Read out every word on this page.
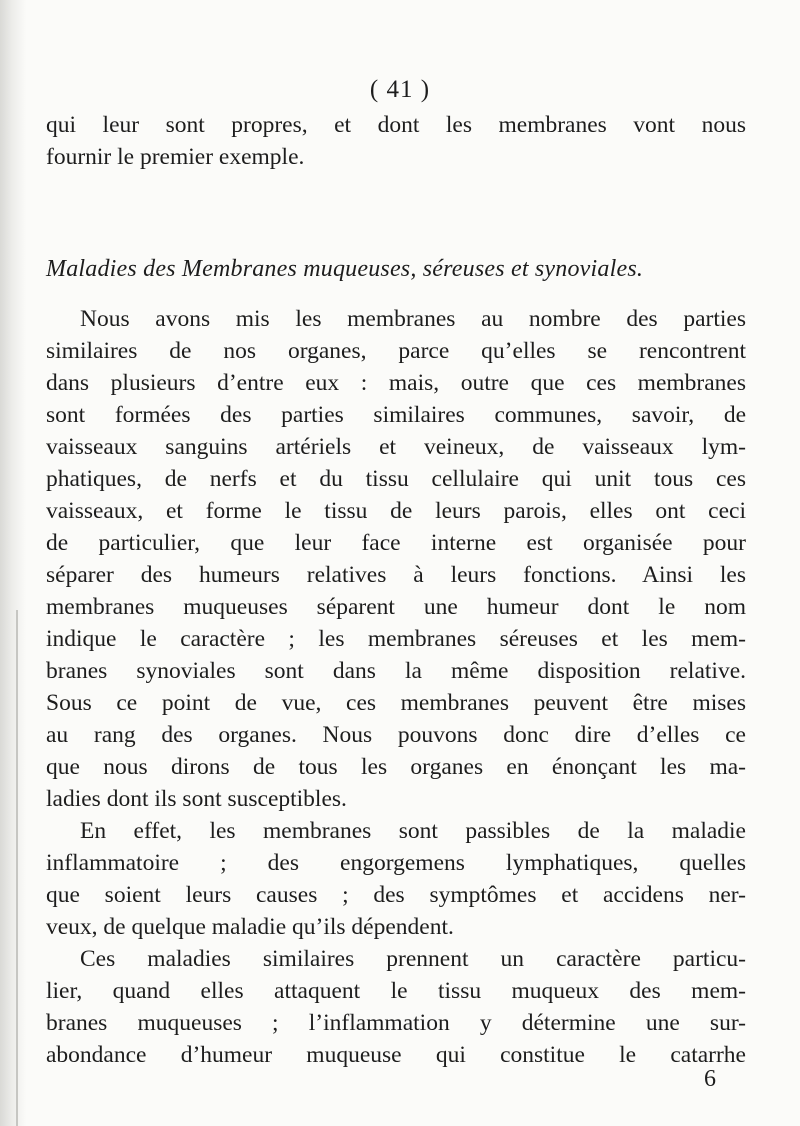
( 41 )
qui leur sont propres, et dont les membranes vont nous
fournir le premier exemple.
Maladies des Membranes muqueuses, séreuses et synoviales.
Nous avons mis les membranes au nombre des parties
similaires de nos organes, parce qu’elles se rencontrent
dans plusieurs d’entre eux : mais, outre que ces membranes
sont formées des parties similaires communes, savoir, de
vaisseaux sanguins artériels et veineux, de vaisseaux lym-
phatiques, de nerfs et du tissu cellulaire qui unit tous ces
vaisseaux, et forme le tissu de leurs parois, elles ont ceci
de particulier, que leur face interne est organisée pour
séparer des humeurs relatives à leurs fonctions. Ainsi les
membranes muqueuses séparent une humeur dont le nom
indique le caractère ; les membranes séreuses et les mem-
branes synoviales sont dans la même disposition relative.
Sous ce point de vue, ces membranes peuvent être mises
au rang des organes. Nous pouvons donc dire d’elles ce
que nous dirons de tous les organes en énonçant les ma-
ladies dont ils sont susceptibles.
En effet, les membranes sont passibles de la maladie
inflammatoire ; des engorgemens lymphatiques, quelles
que soient leurs causes ; des symptômes et accidens ner-
veux, de quelque maladie qu’ils dépendent.
Ces maladies similaires prennent un caractère particu-
lier, quand elles attaquent le tissu muqueux des mem-
branes muqueuses ; l’inflammation y détermine une sur-
abondance d’humeur muqueuse qui constitue le catarrhe
6
